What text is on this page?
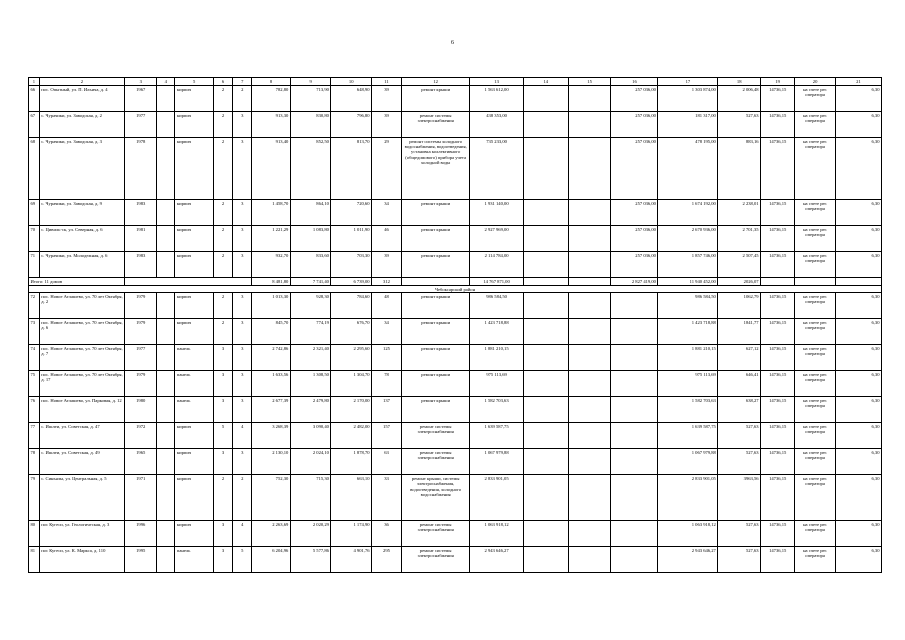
6
1	2	3	4	5	6	7	8	9	10	11	12	13	14	15	16	17	18	19	20	21
66	пос. Опытный, ул. П. Ильича, д. 4	1967		кирпич	2	2	782,80	713,90	648,90	39	ремонт крыши	1 563 612,00			257 036,00	1 303 874,00	2 006,48	14736,15	на счете рег. оператора	6,30
67	с. Чурачики, ул. Заводская, д. 2	1977		кирпич	2	3	913,30	830,80	796,80	39	ремонт системы электроснабжения	438 353,00			257 036,00	181 317,00	527,63	14736,15	на счете рег. оператора	6,30
68	с. Чурачики, ул. Заводская, д. 3	1978		кирпич	2	3	913,40	852,50	813,70	29	ремонт системы холодного водоснабжения, водоотведения, установка коллективного (общедомового) прибора учета холодной воды	735 233,00			257 036,00	478 195,00	883,16	14736,15	на счете рег. оператора	6,30
69	с. Чурачики, ул. Заводская, д. 9	1983		кирпич	2	3	1 458,70	864,10	720,60	34	ремонт крыши	1 931 140,00			257 036,00	1 674 192,00	2 238,01	14736,15	на счете рег. оператора	6,30
70	с. Цивиль-ск, ул. Северная, д. 6	1981		кирпич	2	3	1 221,29	1 083,80	1 011,90	46	ремонт крыши	2 927 969,00			257 036,00	2 670 936,00	2 701,35	14736,15	на счете рег. оператора	6,30
71	с. Чурачики, ул. Молодежная, д. 6	1983		кирпич	2	3	932,70	833,60	703,30	39	ремонт крыши	2 114 784,00			257 036,00	1 857 746,00	2 507,45	14736,15	на счете рег. оператора	6,30
Итого: 11 домов							8 481,80	7 741,40	6 739,00	312		14 767 871,00			2 827 419,00	11 940 452,00	2026,07			
Чебоксарский район																				
72	пос. Новое Атлашево, ул. 70 лет Октября, д. 2	1979		кирпич	2	3	1 013,30	928,30	784,60	48	ремонт крыши	986 584,50				986 584,50	1062,79	14736,15	на счете рег. оператора	6,30
73	пос. Новое Атлашево, ул. 70 лет Октября, д. 6	1979		кирпич	2	3	845,70	774,19	676,70	34	ремонт крыши	1 423 718,88				1 423 718,88	1841,77	14736,15	на счете рег. оператора	6,30
74	пос. Новое Атлашево, ул. 70 лет Октября, д. 7	1977		панель	3	3	2 742,86	2 321,40	2 295,60	125	ремонт крыши	1 881 210,15				1 881 210,15	627,12	14736,15	на счете рег. оператора	6,30
75	пос. Новое Атлашево, ул. 70 лет Октября, д. 17	1979		панель	3	3	1 633,56	1 308,50	1 304,70	78	ремонт крыши	975 113,69				975 113,69	646,41	14736,15	на счете рег. оператора	6,30
76	пос. Новое Атлашево, ул. Парковая, д. 12	1980		панель	3	3	2 677,39	2 479,80	2 170,00	137	ремонт крыши	1 582 703,63				1 582 703,63	638,27	14736,15	на счете рег. оператора	6,30
77	с. Ишлеи, ул. Советская, д. 47	1972		кирпич	5	4	3 268,39	3 090,40	2 482,00	157	ремонт системы электроснабжения	1 639 587,75				1 639 587,75	527,63	14736,15	на счете рег. оператора	6,30
78	с. Ишлеи, ул. Советская, д. 49	1965		кирпич	3	3	2 130,10	2 024,10	1 878,70	63	ремонт системы электроснабжения	1 067 979,88				1 067 979,88	527,63	14736,15	на счете рег. оператора	6,30
79	с. Синьялы, ул. Центральная, д. 5	1971		кирпич	2	2	752,30	715,30	663,10	33	ремонт крыши, системы электроснабжения, водоотведения, холодного водоснабжения	2 833 901,05				2 833 901,05	3963,56	14736,15	на счете рег. оператора	6,30
80	пос Кугеси, ул. Геологическая, д. 3	1996		кирпич	3	4	2 263,69	2 020,29	1 174,90	36	ремонт системы электроснабжения	1 063 918,12				1 063 918,12	527,63	14736,15	на счете рег. оператора	6,30
81	пос Кугеси, ул. К. Маркса, д. 110	1995		панель	3	5	6 204,96	5 577,86	4 901,76	295	ремонт системы электроснабжения	2 943 646,27				2 943 646,27	527,63	14736,15	на счете рег. оператора	6,30
